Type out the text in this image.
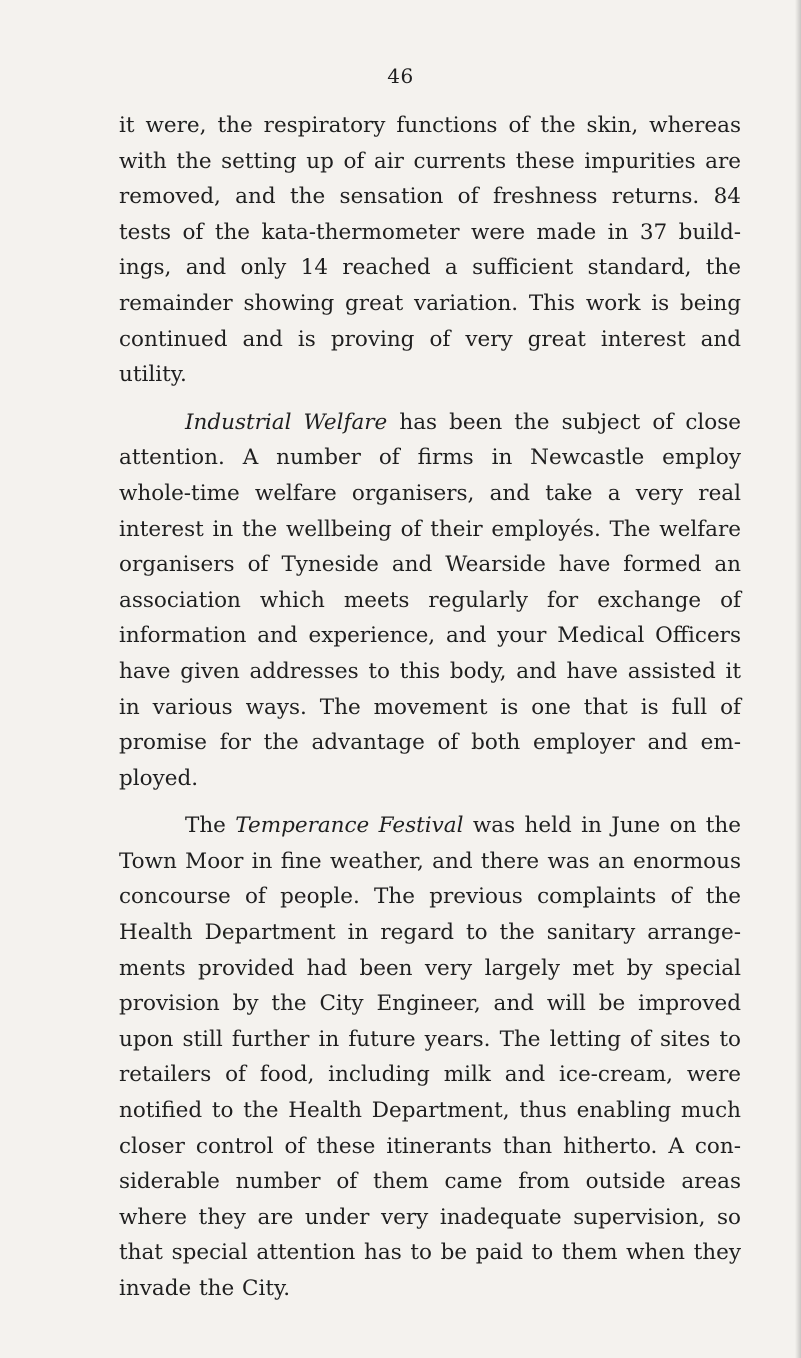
46

it were, the respiratory functions of the skin, whereas with the setting up of air currents these impurities are removed, and the sensation of freshness returns. 84 tests of the kata-thermometer were made in 37 build- ings, and only 14 reached a sufficient standard, the remainder showing great variation. This work is being continued and is proving of very great interest and utility.

Industrial Welfare has been the subject of close attention. A number of firms in Newcastle employ whole-time welfare organisers, and take a very real interest in the wellbeing of their employés. The welfare organisers of Tyneside and Wearside have formed an association which meets regularly for exchange of information and experience, and your Medical Officers have given addresses to this body, and have assisted it in various ways. The movement is one that is full of promise for the advantage of both employer and em- ployed.

The Temperance Festival was held in June on the Town Moor in fine weather, and there was an enormous concourse of people. The previous complaints of the Health Department in regard to the sanitary arrange- ments provided had been very largely met by special provision by the City Engineer, and will be improved upon still further in future years. The letting of sites to retailers of food, including milk and ice-cream, were notified to the Health Department, thus enabling much closer control of these itinerants than hitherto. A con- siderable number of them came from outside areas where they are under very inadequate supervision, so that special attention has to be paid to them when they invade the City.
